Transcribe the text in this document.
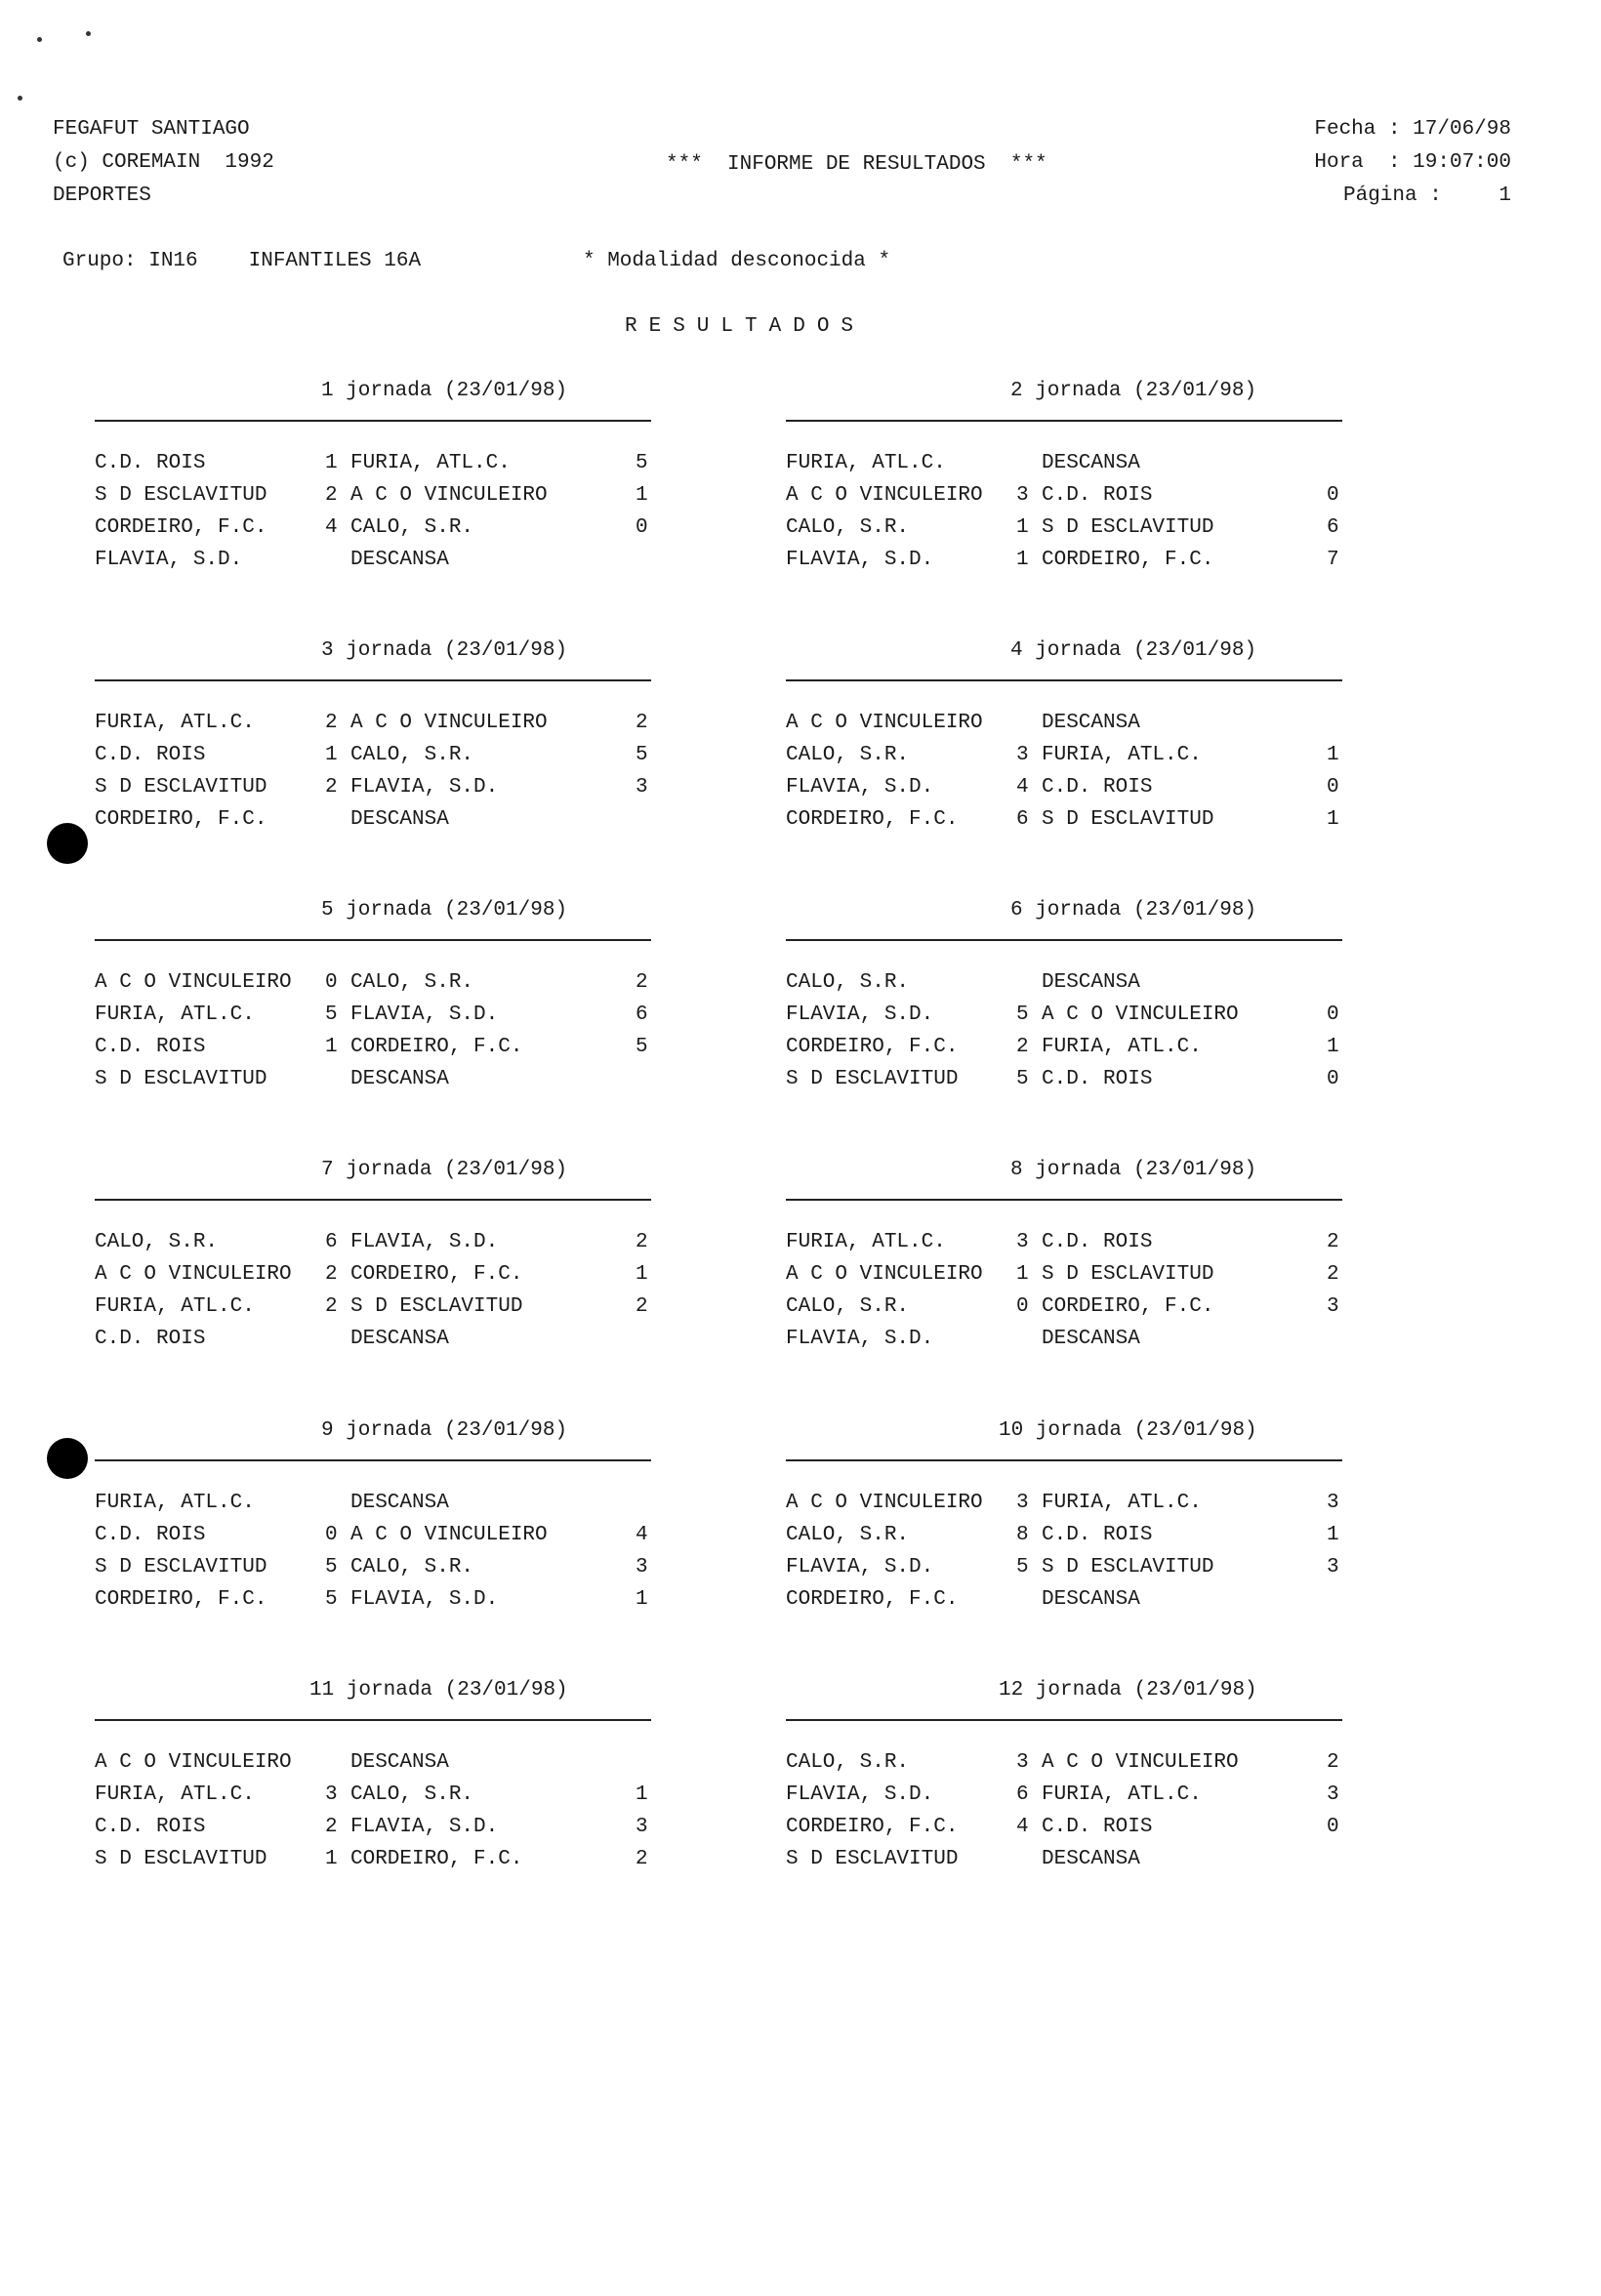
FEGAFUT SANTIAGO
(c) COREMAIN  1992
DEPORTES
***  INFORME DE RESULTADOS  ***
Fecha : 17/06/98
Hora  : 19:07:00
Página :	1
Grupo: IN16 INFANTILES 16A	* Modalidad desconocida *
RESULTADOS
1 jornada (23/01/98)
C.D. ROIS	1 FURIA, ATL.C.	5
S D ESCLAVITUD	2 A C O VINCULEIRO	1
CORDEIRO, F.C.	4 CALO, S.R.	0
FLAVIA, S.D.	DESCANSA
2 jornada (23/01/98)
FURIA, ATL.C.	DESCANSA
A C O VINCULEIRO 3 C.D. ROIS	0
CALO, S.R.	1 S D ESCLAVITUD	6
FLAVIA, S.D.	1 CORDEIRO, F.C.	7
3 jornada (23/01/98)
FURIA, ATL.C.	2 A C O VINCULEIRO	2
C.D. ROIS	1 CALO, S.R.	5
S D ESCLAVITUD	2 FLAVIA, S.D.	3
CORDEIRO, F.C.	DESCANSA
4 jornada (23/01/98)
A C O VINCULEIRO	DESCANSA
CALO, S.R.	3 FURIA, ATL.C.	1
FLAVIA, S.D.	4 C.D. ROIS	0
CORDEIRO, F.C.	6 S D ESCLAVITUD	1
5 jornada (23/01/98)
A C O VINCULEIRO 0 CALO, S.R.	2
FURIA, ATL.C.	5 FLAVIA, S.D.	6
C.D. ROIS	1 CORDEIRO, F.C.	5
S D ESCLAVITUD	DESCANSA
6 jornada (23/01/98)
CALO, S.R.	DESCANSA
FLAVIA, S.D.	5 A C O VINCULEIRO	0
CORDEIRO, F.C.	2 FURIA, ATL.C.	1
S D ESCLAVITUD	5 C.D. ROIS	0
7 jornada (23/01/98)
CALO, S.R.	6 FLAVIA, S.D.	2
A C O VINCULEIRO 2 CORDEIRO, F.C.	1
FURIA, ATL.C.	2 S D ESCLAVITUD	2
C.D. ROIS	DESCANSA
8 jornada (23/01/98)
FURIA, ATL.C.	3 C.D. ROIS	2
A C O VINCULEIRO 1 S D ESCLAVITUD	2
CALO, S.R.	0 CORDEIRO, F.C.	3
FLAVIA, S.D.	DESCANSA
9 jornada (23/01/98)
FURIA, ATL.C.	DESCANSA
C.D. ROIS	0 A C O VINCULEIRO	4
S D ESCLAVITUD	5 CALO, S.R.	3
CORDEIRO, F.C.	5 FLAVIA, S.D.	1
10 jornada (23/01/98)
A C O VINCULEIRO 3 FURIA, ATL.C.	3
CALO, S.R.	8 C.D. ROIS	1
FLAVIA, S.D.	5 S D ESCLAVITUD	3
CORDEIRO, F.C.	DESCANSA
11 jornada (23/01/98)
A C O VINCULEIRO	DESCANSA
FURIA, ATL.C.	3 CALO, S.R.	1
C.D. ROIS	2 FLAVIA, S.D.	3
S D ESCLAVITUD	1 CORDEIRO, F.C.	2
12 jornada (23/01/98)
CALO, S.R.	3 A C O VINCULEIRO	2
FLAVIA, S.D.	6 FURIA, ATL.C.	3
CORDEIRO, F.C.	4 C.D. ROIS	0
S D ESCLAVITUD	DESCANSA
